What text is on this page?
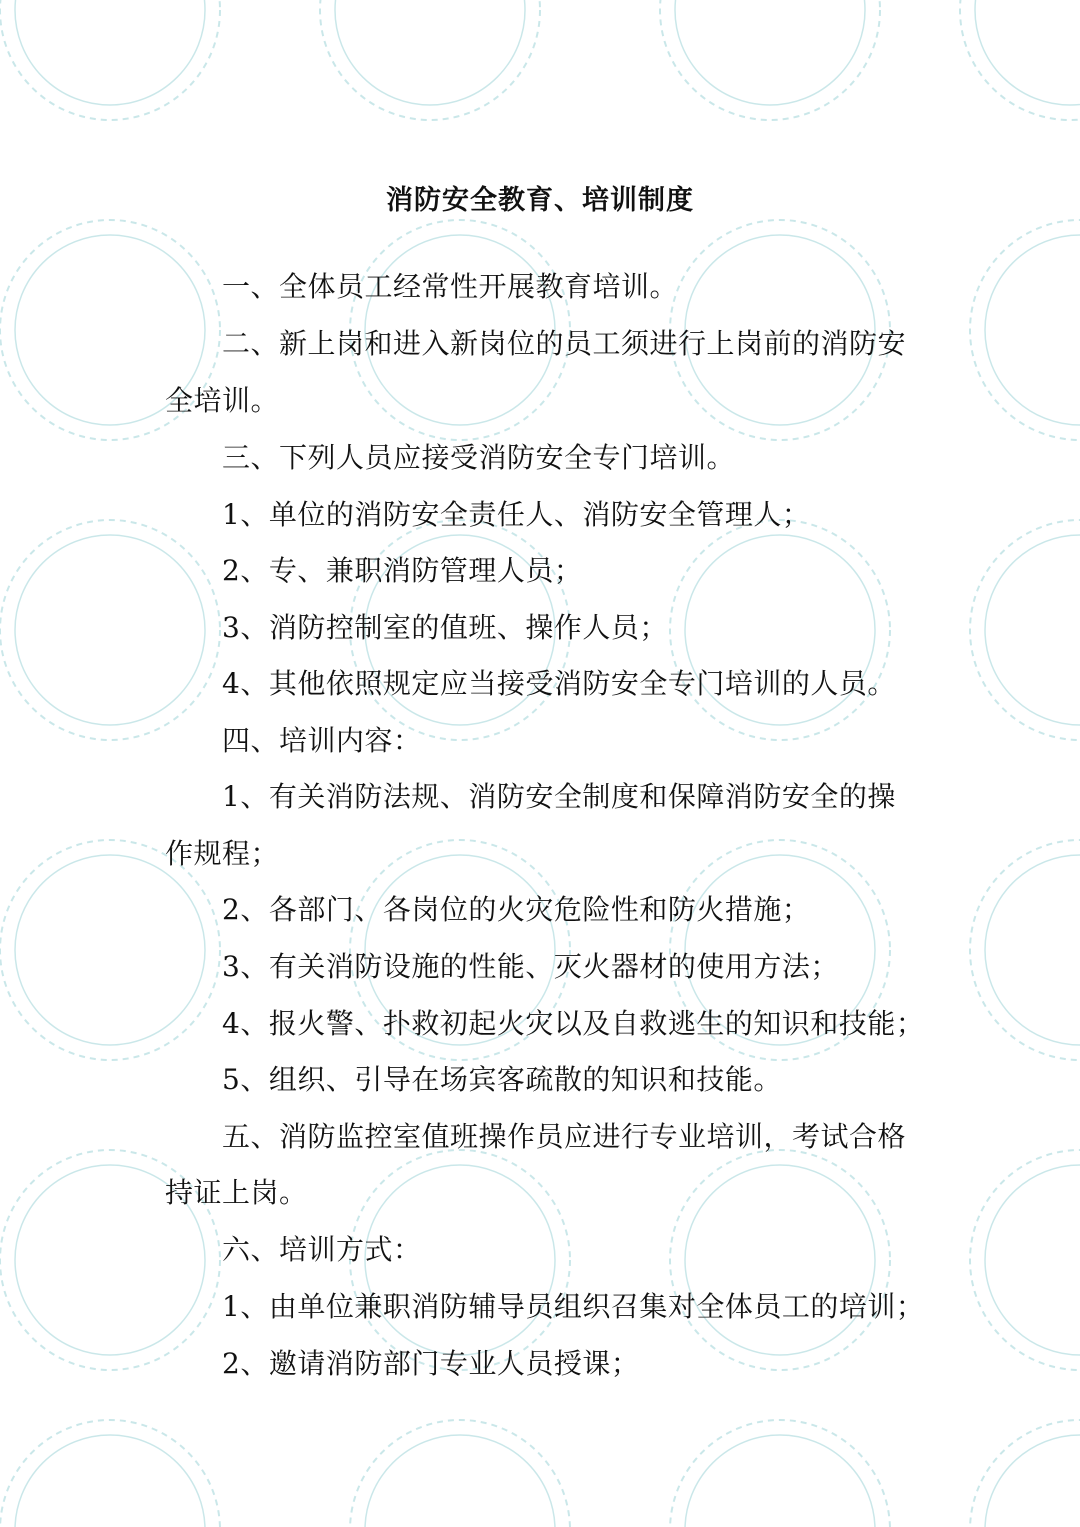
消防安全教育、培训制度
一、全体员工经常性开展教育培训。
二、新上岗和进入新岗位的员工须进行上岗前的消防安
全培训。
三、下列人员应接受消防安全专门培训。
1、单位的消防安全责任人、消防安全管理人；
2、专、兼职消防管理人员；
3、消防控制室的值班、操作人员；
4、其他依照规定应当接受消防安全专门培训的人员。
四、培训内容：
1、有关消防法规、消防安全制度和保障消防安全的操
作规程；
2、各部门、各岗位的火灾危险性和防火措施；
3、有关消防设施的性能、灭火器材的使用方法；
4、报火警、扑救初起火灾以及自救逃生的知识和技能；
5、组织、引导在场宾客疏散的知识和技能。
五、消防监控室值班操作员应进行专业培训，考试合格
持证上岗。
六、培训方式：
1、由单位兼职消防辅导员组织召集对全体员工的培训；
2、邀请消防部门专业人员授课；
